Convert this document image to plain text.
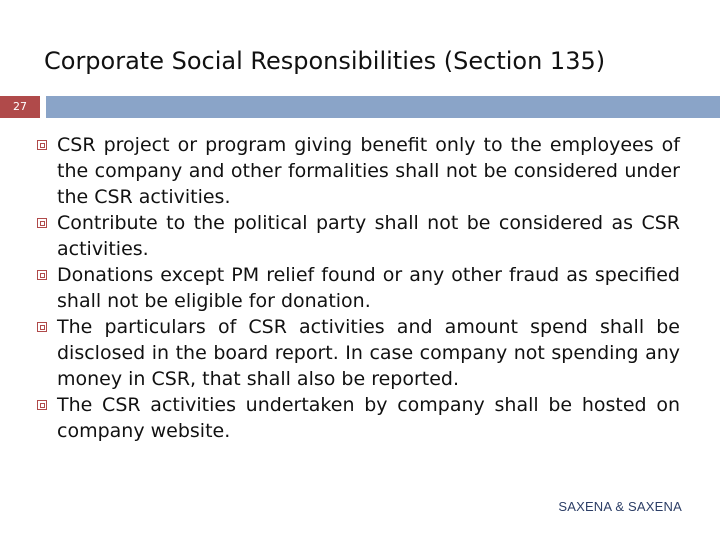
Corporate Social Responsibilities (Section 135)
27
CSR project or program giving benefit only to the employees of the company and other formalities shall not be considered under the CSR activities.
Contribute to the political party shall not be considered as CSR activities.
Donations except PM relief found or any other fraud as specified shall not be eligible for donation.
The particulars of CSR activities and amount spend shall be disclosed in the board report. In case company not spending any money in CSR, that shall also be reported.
The CSR activities undertaken by company shall be hosted on company website.
SAXENA & SAXENA
